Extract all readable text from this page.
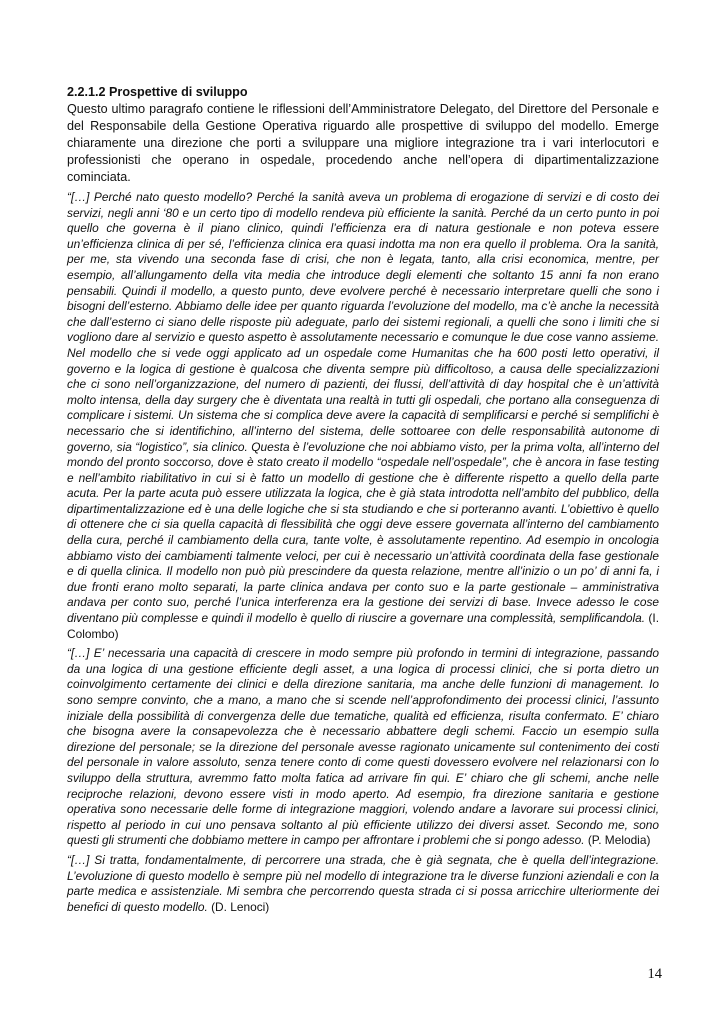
2.2.1.2 Prospettive di sviluppo

Questo ultimo paragrafo contiene le riflessioni dell’Amministratore Delegato, del Direttore del Personale e del Responsabile della Gestione Operativa riguardo alle prospettive di sviluppo del modello. Emerge chiaramente una direzione che porti a sviluppare una migliore integrazione tra i vari interlocutori e professionisti che operano in ospedale, procedendo anche nell’opera di dipartimentalizzazione cominciata.

“[…] Perché nato questo modello? Perché la sanità aveva un problema di erogazione di servizi e di costo dei servizi, negli anni ‘80 e un certo tipo di modello rendeva più efficiente la sanità. Perché da un certo punto in poi quello che governa è il piano clinico, quindi l’efficienza era di natura gestionale e non poteva essere un’efficienza clinica di per sé, l’efficienza clinica era quasi indotta ma non era quello il problema. Ora la sanità, per me, sta vivendo una seconda fase di crisi, che non è legata, tanto, alla crisi economica, mentre, per esempio, all’allungamento della vita media che introduce degli elementi che soltanto 15 anni fa non erano pensabili. Quindi il modello, a questo punto, deve evolvere perché è necessario interpretare quelli che sono i bisogni dell’esterno. Abbiamo delle idee per quanto riguarda l’evoluzione del modello, ma c’è anche la necessità che dall’esterno ci siano delle risposte più adeguate, parlo dei sistemi regionali, a quelli che sono i limiti che si vogliono dare al servizio e questo aspetto è assolutamente necessario e comunque le due cose vanno assieme. Nel modello che si vede oggi applicato ad un ospedale come Humanitas che ha 600 posti letto operativi, il governo e la logica di gestione è qualcosa che diventa sempre più difficoltoso, a causa delle specializzazioni che ci sono nell’organizzazione, del numero di pazienti, dei flussi, dell’attività di day hospital che è un’attività molto intensa, della day surgery che è diventata una realtà in tutti gli ospedali, che portano alla conseguenza di complicare i sistemi. Un sistema che si complica deve avere la capacità di semplificarsi e perché si semplifichi è necessario che si identifichino, all’interno del sistema, delle sottoaree con delle responsabilità autonome di governo, sia “logistico”, sia clinico. Questa è l’evoluzione che noi abbiamo visto, per la prima volta, all’interno del mondo del pronto soccorso, dove è stato creato il modello “ospedale nell’ospedale”, che è ancora in fase testing e nell’ambito riabilitativo in cui si è fatto un modello di gestione che è differente rispetto a quello della parte acuta. Per la parte acuta può essere utilizzata la logica, che è già stata introdotta nell’ambito del pubblico, della dipartimentalizzazione ed è una delle logiche che si sta studiando e che si porteranno avanti. L’obiettivo è quello di ottenere che ci sia quella capacità di flessibilità che oggi deve essere governata all’interno del cambiamento della cura, perché il cambiamento della cura, tante volte, è assolutamente repentino. Ad esempio in oncologia abbiamo visto dei cambiamenti talmente veloci, per cui è necessario un’attività coordinata della fase gestionale e di quella clinica. Il modello non può più prescindere da questa relazione, mentre all’inizio o un po’ di anni fa, i due fronti erano molto separati, la parte clinica andava per conto suo e la parte gestionale – amministrativa andava per conto suo, perché l’unica interferenza era la gestione dei servizi di base. Invece adesso le cose diventano più complesse e quindi il modello è quello di riuscire a governare una complessità, semplificandola. (I. Colombo)

“[…] E’ necessaria una capacità di crescere in modo sempre più profondo in termini di integrazione, passando da una logica di una gestione efficiente degli asset, a una logica di processi clinici, che si porta dietro un coinvolgimento certamente dei clinici e della direzione sanitaria, ma anche delle funzioni di management. Io sono sempre convinto, che a mano, a mano che si scende nell’approfondimento dei processi clinici, l’assunto iniziale della possibilità di convergenza delle due tematiche, qualità ed efficienza, risulta confermato. E’ chiaro che bisogna avere la consapevolezza che è necessario abbattere degli schemi. Faccio un esempio sulla direzione del personale; se la direzione del personale avesse ragionato unicamente sul contenimento dei costi del personale in valore assoluto, senza tenere conto di come questi dovessero evolvere nel relazionarsi con lo sviluppo della struttura, avremmo fatto molta fatica ad arrivare fin qui. E’ chiaro che gli schemi, anche nelle reciproche relazioni, devono essere visti in modo aperto. Ad esempio, fra direzione sanitaria e gestione operativa sono necessarie delle forme di integrazione maggiori, volendo andare a lavorare sui processi clinici, rispetto al periodo in cui uno pensava soltanto al più efficiente utilizzo dei diversi asset. Secondo me, sono questi gli strumenti che dobbiamo mettere in campo per affrontare i problemi che si pongo adesso. (P. Melodia)

“[…] Si tratta, fondamentalmente, di percorrere una strada, che è già segnata, che è quella dell’integrazione. L’evoluzione di questo modello è sempre più nel modello di integrazione tra le diverse funzioni aziendali e con la parte medica e assistenziale. Mi sembra che percorrendo questa strada ci si possa arricchire ulteriormente dei benefici di questo modello. (D. Lenoci)

14
